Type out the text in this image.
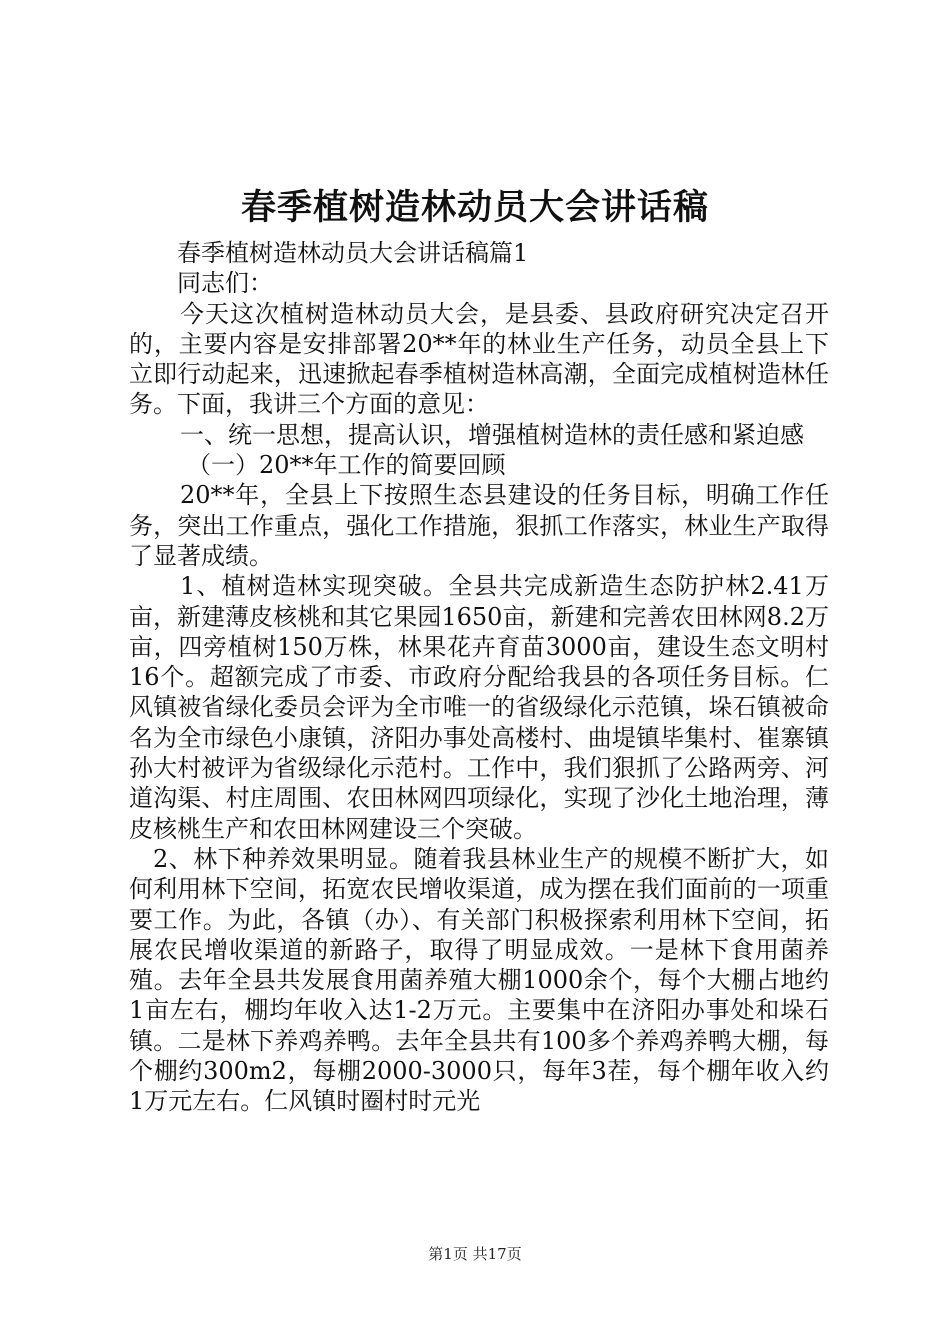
春季植树造林动员大会讲话稿

春季植树造林动员大会讲话稿篇1

同志们：

今天这次植树造林动员大会，是县委、县政府研究决定召开的，主要内容是安排部署20**年的林业生产任务，动员全县上下立即行动起来，迅速掀起春季植树造林高潮，全面完成植树造林任务。下面，我讲三个方面的意见：

一、统一思想，提高认识，增强植树造林的责任感和紧迫感

（一）20**年工作的简要回顾

20**年，全县上下按照生态县建设的任务目标，明确工作任务，突出工作重点，强化工作措施，狠抓工作落实，林业生产取得了显著成绩。

1、植树造林实现突破。全县共完成新造生态防护林2.41万亩，新建薄皮核桃和其它果园1650亩，新建和完善农田林网8.2万亩，四旁植树150万株，林果花卉育苗3000亩，建设生态文明村16个。超额完成了市委、市政府分配给我县的各项任务目标。仁风镇被省绿化委员会评为全市唯一的省级绿化示范镇，垛石镇被命名为全市绿色小康镇，济阳办事处高楼村、曲堤镇毕集村、崔寨镇孙大村被评为省级绿化示范村。工作中，我们狠抓了公路两旁、河道沟渠、村庄周围、农田林网四项绿化，实现了沙化土地治理，薄皮核桃生产和农田林网建设三个突破。

2、林下种养效果明显。随着我县林业生产的规模不断扩大，如何利用林下空间，拓宽农民增收渠道，成为摆在我们面前的一项重要工作。为此，各镇（办）、有关部门积极探索利用林下空间，拓展农民增收渠道的新路子，取得了明显成效。一是林下食用菌养殖。去年全县共发展食用菌养殖大棚1000余个，每个大棚占地约1亩左右，棚均年收入达1-2万元。主要集中在济阳办事处和垛石镇。二是林下养鸡养鸭。去年全县共有100多个养鸡养鸭大棚，每个棚约300m2，每棚2000-3000只，每年3茬，每个棚年收入约1万元左右。仁风镇时圈村时元光

第1页 共17页
